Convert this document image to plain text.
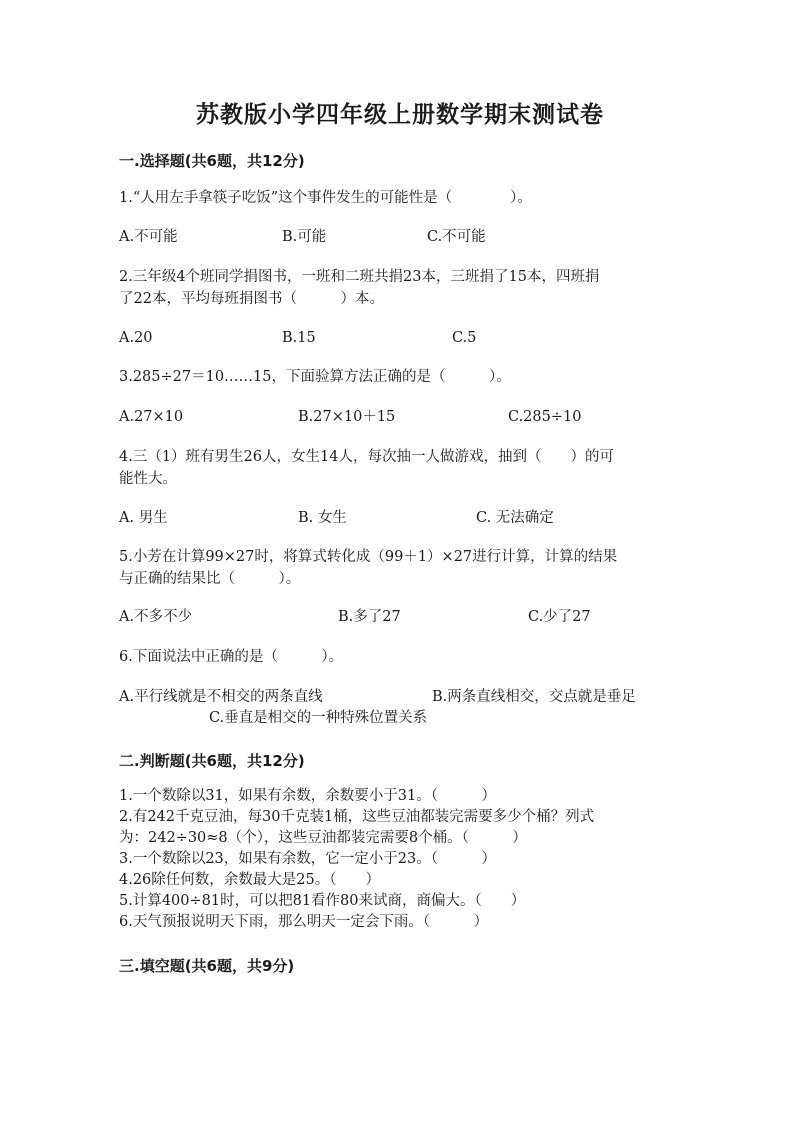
苏教版小学四年级上册数学期末测试卷
一.选择题(共6题，共12分)
1.“人用左手拿筷子吃饭”这个事件发生的可能性是（　　　　）。
A.不可能	B.可能	C.不可能
2.三年级4个班同学捐图书，一班和二班共捐23本，三班捐了15本，四班捐
了22本，平均每班捐图书（　　　）本。
A.20	B.15	C.5
3.285÷27＝10……15，下面验算方法正确的是（　　　）。
A.27×10	B.27×10＋15	C.285÷10
4.三（1）班有男生26人，女生14人，每次抽一人做游戏，抽到（　　）的可
能性大。
A. 男生	B. 女生	C. 无法确定
5.小芳在计算99×27时，将算式转化成（99＋1）×27进行计算，计算的结果
与正确的结果比（　　　）。
A.不多不少	B.多了27	C.少了27
6.下面说法中正确的是（　　　）。
A.平行线就是不相交的两条直线	B.两条直线相交，交点就是垂足
C.垂直是相交的一种特殊位置关系
二.判断题(共6题，共12分)
1.一个数除以31，如果有余数，余数要小于31。（　　　）
2.有242千克豆油，每30千克装1桶，这些豆油都装完需要多少个桶？列式
为：242÷30≈8（个），这些豆油都装完需要8个桶。（　　　）
3.一个数除以23，如果有余数，它一定小于23。（　　　）
4.26除任何数，余数最大是25。（　　）
5.计算400÷81时，可以把81看作80来试商，商偏大。（　　）
6.天气预报说明天下雨，那么明天一定会下雨。（　　　）
三.填空题(共6题，共9分)
